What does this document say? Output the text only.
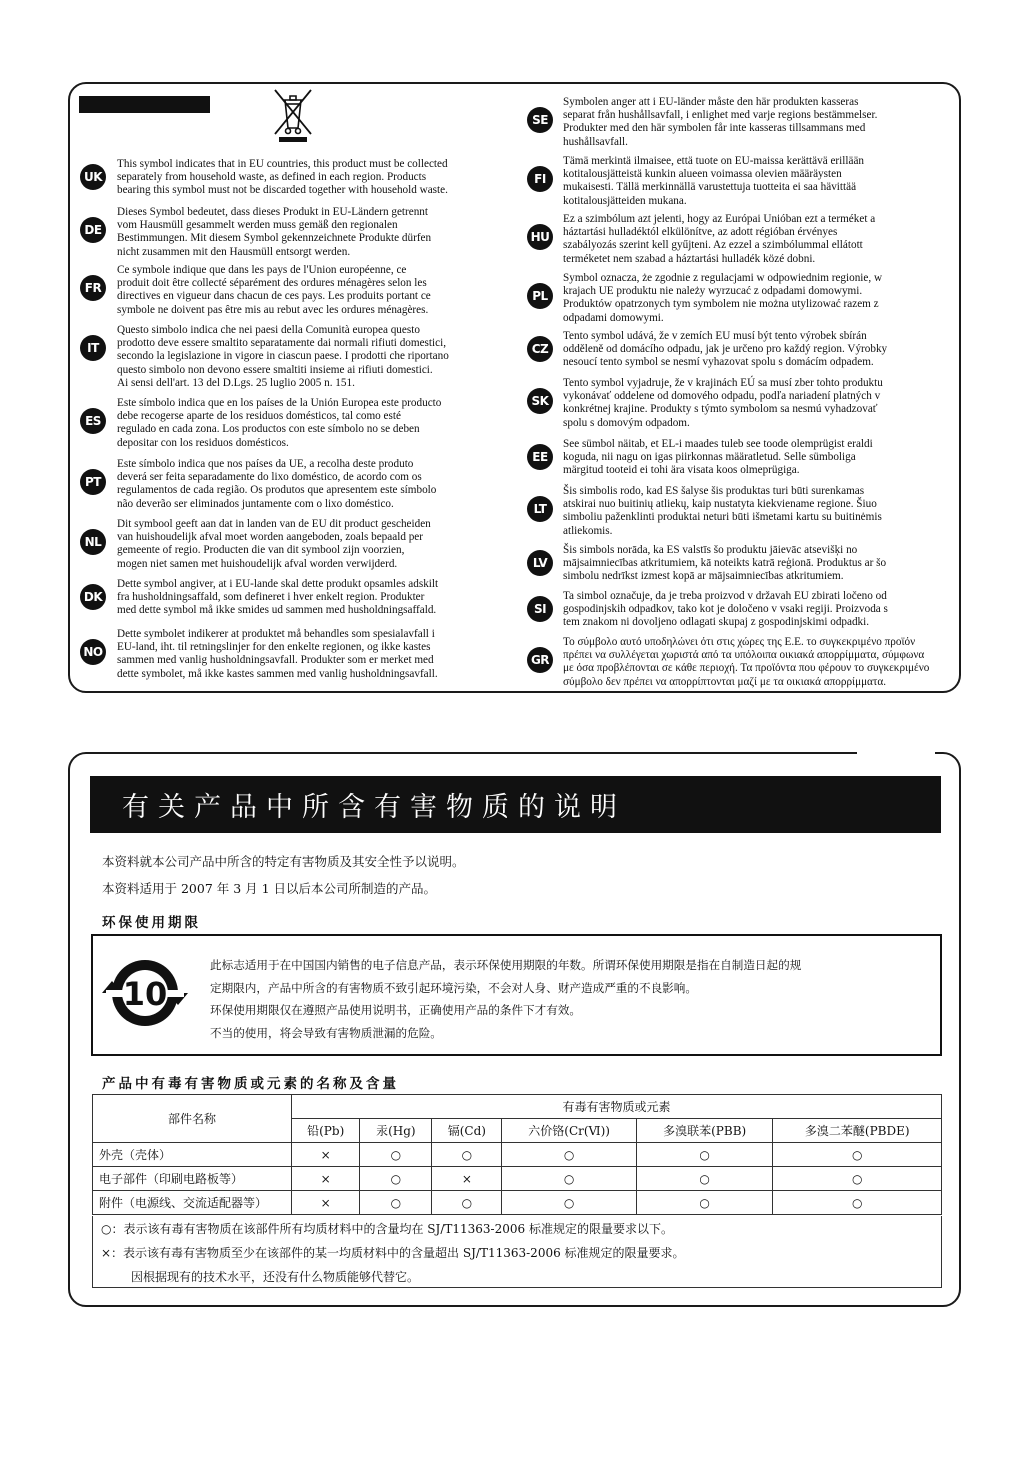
UK
This symbol indicates that in EU countries, this product must be collected
separately from household waste, as defined in each region. Products
bearing this symbol must not be discarded together with household waste.
DE
Dieses Symbol bedeutet, dass dieses Produkt in EU-Ländern getrennt
vom Hausmüll gesammelt werden muss gemäß den regionalen
Bestimmungen. Mit diesem Symbol gekennzeichnete Produkte dürfen
nicht zusammen mit den Hausmüll entsorgt werden.
FR
Ce symbole indique que dans les pays de l'Union européenne, ce
produit doit être collecté séparément des ordures ménagères selon les
directives en vigueur dans chacun de ces pays. Les produits portant ce
symbole ne doivent pas être mis au rebut avec les ordures ménagères.
IT
Questo simbolo indica che nei paesi della Comunità europea questo
prodotto deve essere smaltito separatamente dai normali rifiuti domestici,
secondo la legislazione in vigore in ciascun paese. I prodotti che riportano
questo simbolo non devono essere smaltiti insieme ai rifiuti domestici.
Ai sensi dell'art. 13 del D.Lgs. 25 luglio 2005 n. 151.
ES
Este símbolo indica que en los países de la Unión Europea este producto
debe recogerse aparte de los residuos domésticos, tal como esté
regulado en cada zona. Los productos con este símbolo no se deben
depositar con los residuos domésticos.
PT
Este símbolo indica que nos países da UE, a recolha deste produto
deverá ser feita separadamente do lixo doméstico, de acordo com os
regulamentos de cada região. Os produtos que apresentem este símbolo
não deverão ser eliminados juntamente com o lixo doméstico.
NL
Dit symbool geeft aan dat in landen van de EU dit product gescheiden
van huishoudelijk afval moet worden aangeboden, zoals bepaald per
gemeente of regio. Producten die van dit symbool zijn voorzien,
mogen niet samen met huishoudelijk afval worden verwijderd.
DK
Dette symbol angiver, at i EU-lande skal dette produkt opsamles adskilt
fra husholdningsaffald, som defineret i hver enkelt region. Produkter
med dette symbol må ikke smides ud sammen med husholdningsaffald.
NO
Dette symbolet indikerer at produktet må behandles som spesialavfall i
EU-land, iht. til retningslinjer for den enkelte regionen, og ikke kastes
sammen med vanlig husholdningsavfall. Produkter som er merket med
dette symbolet, må ikke kastes sammen med vanlig husholdningsavfall.
SE
Symbolen anger att i EU-länder måste den här produkten kasseras
separat från hushållsavfall, i enlighet med varje regions bestämmelser.
Produkter med den här symbolen får inte kasseras tillsammans med
hushållsavfall.
FI
Tämä merkintä ilmaisee, että tuote on EU-maissa kerättävä erillään
kotitalousjätteistä kunkin alueen voimassa olevien määräysten
mukaisesti. Tällä merkinnällä varustettuja tuotteita ei saa hävittää
kotitalousjätteiden mukana.
HU
Ez a szimbólum azt jelenti, hogy az Európai Unióban ezt a terméket a
háztartási hulladéktól elkülönítve, az adott régióban érvényes
szabályozás szerint kell gyűjteni. Az ezzel a szimbólummal ellátott
terméketet nem szabad a háztartási hulladék közé dobni.
PL
Symbol oznacza, że zgodnie z regulacjami w odpowiednim regionie, w
krajach UE produktu nie należy wyrzucać z odpadami domowymi.
Produktów opatrzonych tym symbolem nie można utylizować razem z
odpadami domowymi.
CZ
Tento symbol udává, že v zemích EU musí být tento výrobek sbírán
odděleně od domácího odpadu, jak je určeno pro každý region. Výrobky
nesoucí tento symbol se nesmí vyhazovat spolu s domácím odpadem.
SK
Tento symbol vyjadruje, že v krajinách EÚ sa musí zber tohto produktu
vykonávať oddelene od domového odpadu, podľa nariadení platných v
konkrétnej krajine. Produkty s týmto symbolom sa nesmú vyhadzovať
spolu s domovým odpadom.
EE
See sümbol näitab, et EL-i maades tuleb see toode olemprügist eraldi
koguda, nii nagu on igas piirkonnas määratletud. Selle sümboliga
märgitud tooteid ei tohi ära visata koos olmeprügiga.
LT
Šis simbolis rodo, kad ES šalyse šis produktas turi būti surenkamas
atskirai nuo buitinių atliekų, kaip nustatyta kiekviename regione. Šiuo
simboliu paženklinti produktai neturi būti išmetami kartu su buitinėmis
atliekomis.
LV
Šis simbols norāda, ka ES valstīs šo produktu jāievāc atsevišķi no
mājsaimniecības atkritumiem, kā noteikts katrā reģionā. Produktus ar šo
simbolu nedrīkst izmest kopā ar mājsaimniecības atkritumiem.
SI
Ta simbol označuje, da je treba proizvod v državah EU zbirati ločeno od
gospodinjskih odpadkov, tako kot je določeno v vsaki regiji. Proizvoda s
tem znakom ni dovoljeno odlagati skupaj z gospodinjskimi odpadki.
GR
Το σύμβολο αυτό υποδηλώνει ότι στις χώρες της Ε.Ε. το συγκεκριμένο προϊόν
πρέπει να συλλέγεται χωριστά από τα υπόλοιπα οικιακά απορρίμματα, σύμφωνα
με όσα προβλέπονται σε κάθε περιοχή. Τα προϊόντα που φέρουν το συγκεκριμένο
σύμβολο δεν πρέπει να απορρίπτονται μαζί με τα οικιακά απορρίμματα.
有关产品中所含有害物质的说明
本资料就本公司产品中所含的特定有害物质及其安全性予以说明。
本资料适用于 2007 年 3 月 1 日以后本公司所制造的产品。
环保使用期限
10
此标志适用于在中国国内销售的电子信息产品，表示环保使用期限的年数。所谓环保使用期限是指在自制造日起的规
定期限内，产品中所含的有害物质不致引起环境污染，不会对人身、财产造成严重的不良影响。
环保使用期限仅在遵照产品使用说明书，正确使用产品的条件下才有效。
不当的使用，将会导致有害物质泄漏的危险。
产品中有毒有害物质或元素的名称及含量
部件名称	有毒有害物质或元素					
	铅(Pb)	汞(Hg)	镉(Cd)	六价铬(Cr(Ⅵ))	多溴联苯(PBB)	多溴二苯醚(PBDE)
外壳（壳体）	×	○	○	○	○	○
电子部件（印刷电路板等）	×	○	×	○	○	○
附件（电源线、交流适配器等）	×	○	○	○	○	○
○：表示该有毒有害物质在该部件所有均质材料中的含量均在 SJ/T11363-2006 标准规定的限量要求以下。
×：表示该有毒有害物质至少在该部件的某一均质材料中的含量超出 SJ/T11363-2006 标准规定的限量要求。
因根据现有的技术水平，还没有什么物质能够代替它。
